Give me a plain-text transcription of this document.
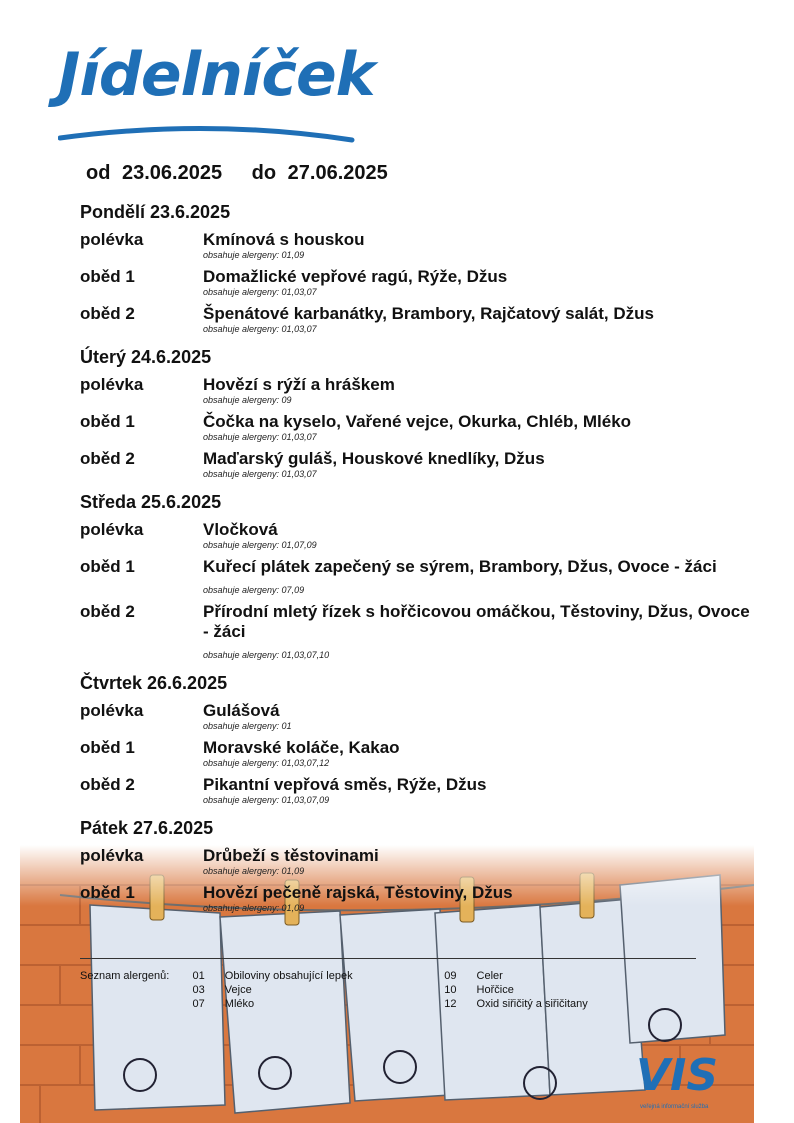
Jídelníček
od 23.06.2025 do 27.06.2025
Pondělí 23.6.2025
polévka	Kmínová s houskou
obsahuje alergeny: 01,09
oběd 1	Domažlické vepřové ragú, Rýže, Džus
obsahuje alergeny: 01,03,07
oběd 2	Špenátové karbanátky, Brambory, Rajčatový salát, Džus
obsahuje alergeny: 01,03,07
Úterý 24.6.2025
polévka	Hovězí s rýží a hráškem
obsahuje alergeny: 09
oběd 1	Čočka na kyselo, Vařené vejce, Okurka, Chléb, Mléko
obsahuje alergeny: 01,03,07
oběd 2	Maďarský guláš, Houskové knedlíky, Džus
obsahuje alergeny: 01,03,07
Středa 25.6.2025
polévka	Vločková
obsahuje alergeny: 01,07,09
oběd 1	Kuřecí plátek zapečený se sýrem, Brambory, Džus, Ovoce - žáci
obsahuje alergeny: 07,09
oběd 2	Přírodní mletý řízek s hořčicovou omáčkou, Těstoviny, Džus, Ovoce - žáci
obsahuje alergeny: 01,03,07,10
Čtvrtek 26.6.2025
polévka	Gulášová
obsahuje alergeny: 01
oběd 1	Moravské koláče, Kakao
obsahuje alergeny: 01,03,07,12
oběd 2	Pikantní vepřová směs, Rýže, Džus
obsahuje alergeny: 01,03,07,09
Pátek 27.6.2025
polévka	Drůbeží s těstovinami
obsahuje alergeny: 01,09
oběd 1	Hovězí pečeně rajská, Těstoviny, Džus
obsahuje alergeny: 01,09
Seznam alergenů:	01	Obiloviny obsahující lepek	09	Celer
03	Vejce	10	Hořčice
07	Mléko	12	Oxid siřičitý a siřičitany
VIS
veřejná informační služba
